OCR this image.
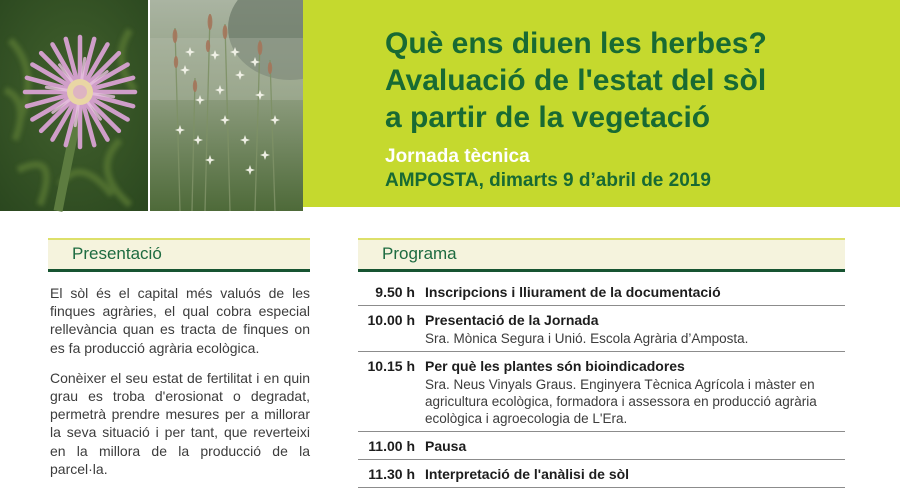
Què ens diuen les herbes?
Avaluació de l'estat del sòl
a partir de la vegetació
Jornada tècnica
AMPOSTA, dimarts 9 d’abril de 2019
Presentació

El sòl és el capital més valuós de les finques agràries, el qual cobra especial rellevància quan es tracta de finques on es fa producció agrària ecològica.

Conèixer el seu estat de fertilitat i en quin grau es troba d'erosionat o degradat, permetrà prendre mesures per a millorar la seva situació i per tant, que reverteixi en la millora de la producció de la parcel·la.

Programa
9.50 h Inscripcions i lliurament de la documentació
10.00 h Presentació de la Jornada
Sra. Mònica Segura i Unió. Escola Agrària d’Amposta.
10.15 h Per què les plantes són bioindicadores
Sra. Neus Vinyals Graus. Enginyera Tècnica Agrícola i màster en agricultura ecològica, formadora i assessora en producció agrària ecològica i agroecologia de L'Era.
11.00 h Pausa
11.30 h Interpretació de l'anàlisi de sòl
